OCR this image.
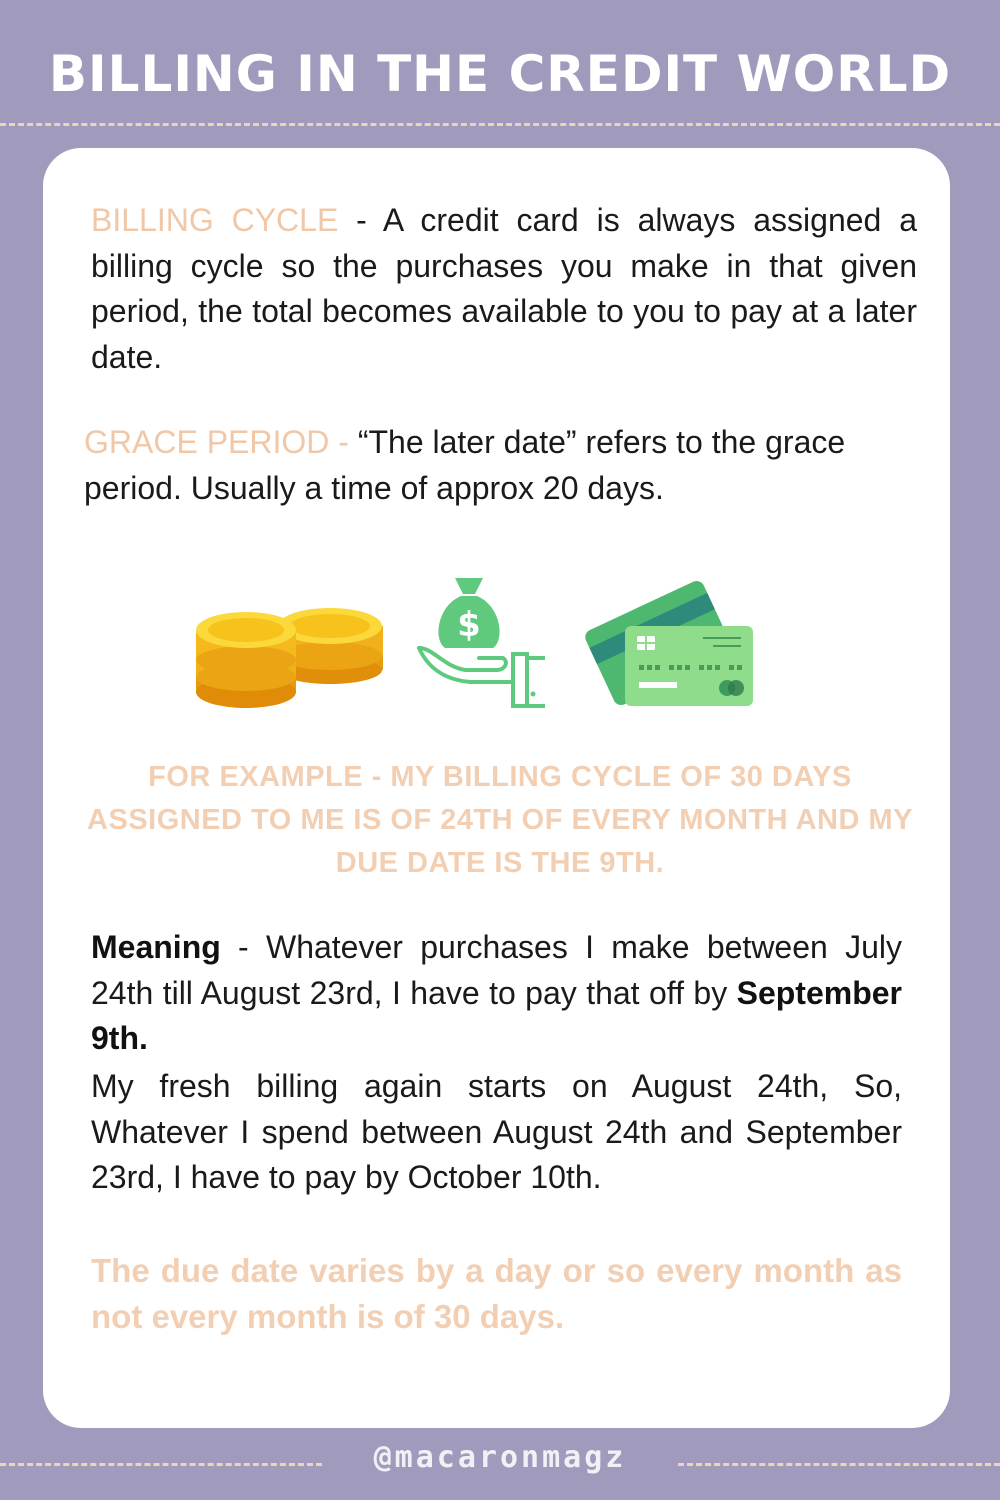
BILLING IN THE CREDIT WORLD
BILLING CYCLE - A credit card is always assigned a billing cycle so the purchases you make in that given period, the total becomes available to you to pay at a later date.
GRACE PERIOD - “The later date” refers to the grace period. Usually a time of approx 20 days.
$
FOR EXAMPLE - MY BILLING CYCLE OF 30 DAYS
ASSIGNED TO ME IS OF 24TH OF EVERY MONTH AND MY
DUE DATE IS THE 9TH.
Meaning - Whatever purchases I make between July 24th till August 23rd, I have to pay that off by September 9th.
My fresh billing again starts on August 24th, So, Whatever I spend between August 24th and September 23rd, I have to pay by October 10th.
The due date varies by a day or so every month as not every month is of 30 days.
@macaronmagz
